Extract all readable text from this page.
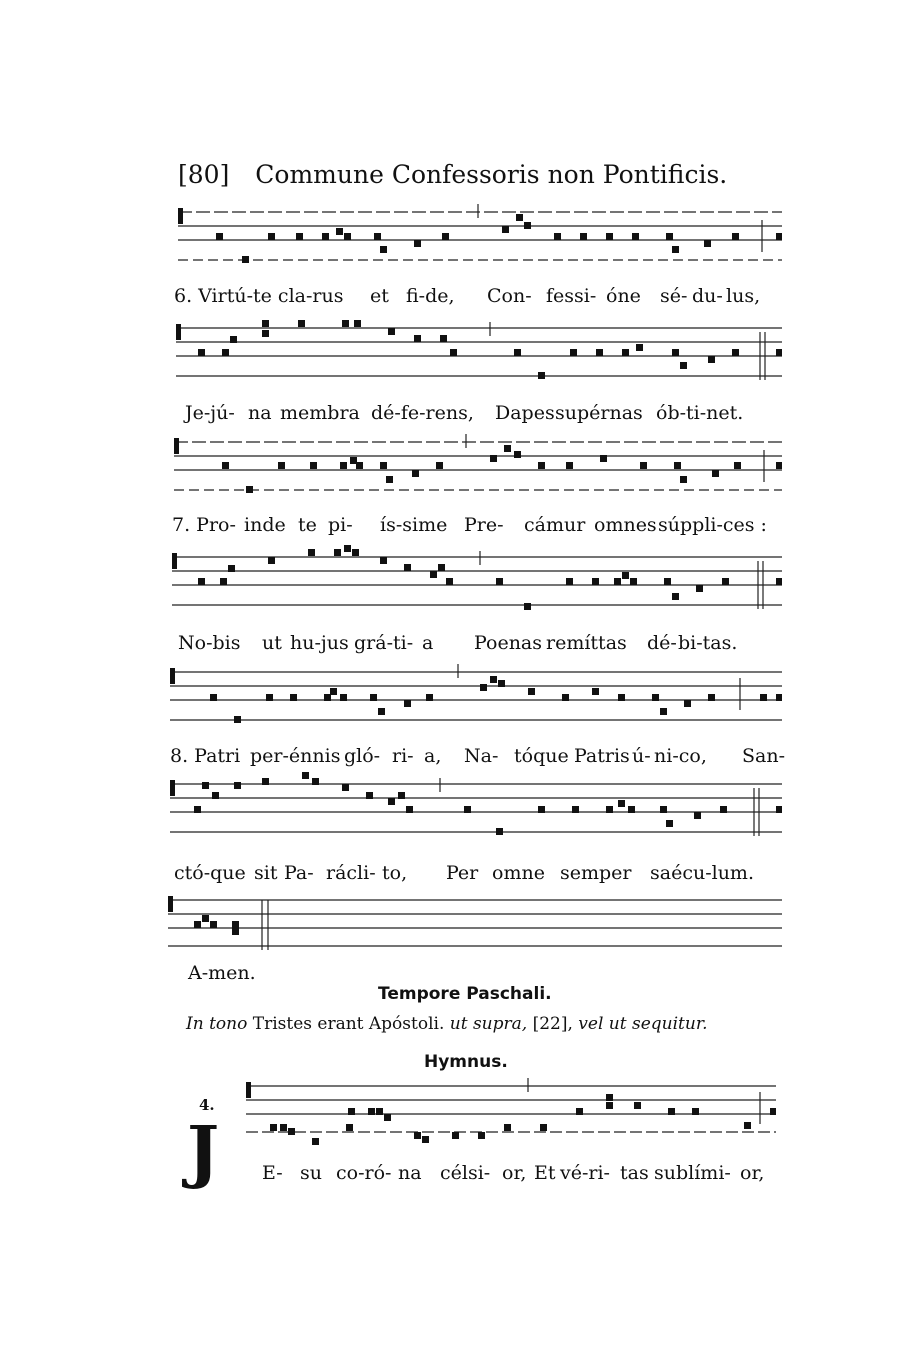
[80] Commune Confessoris non Pontificis.
6. Virtú-te cla-rus et fi-de, Con- fessi- óne sé- du- lus,
Je-jú- na membra dé-fe-rens, Dapes supérnas ób-ti-net.
7. Pro- inde te pi- ís-sime Pre- cámur omnes súppli-ces :
No-bis ut hu-jus grá-ti- a Poenas remíttas dé- bi-tas.
8. Patri per-énnis gló- ri- a, Na- tóque Patris ú- ni-co, San-
ctó-que sit Pa- rácli- to, Per omne semper saécu-lum.
A-men.
Tempore Paschali.
In tono Tristes erant Apóstoli. ut supra, [22], vel ut sequitur.
Hymnus.
4.
J E- su co-ró- na célsi- or, Et vé-ri- tas sublími- or,
